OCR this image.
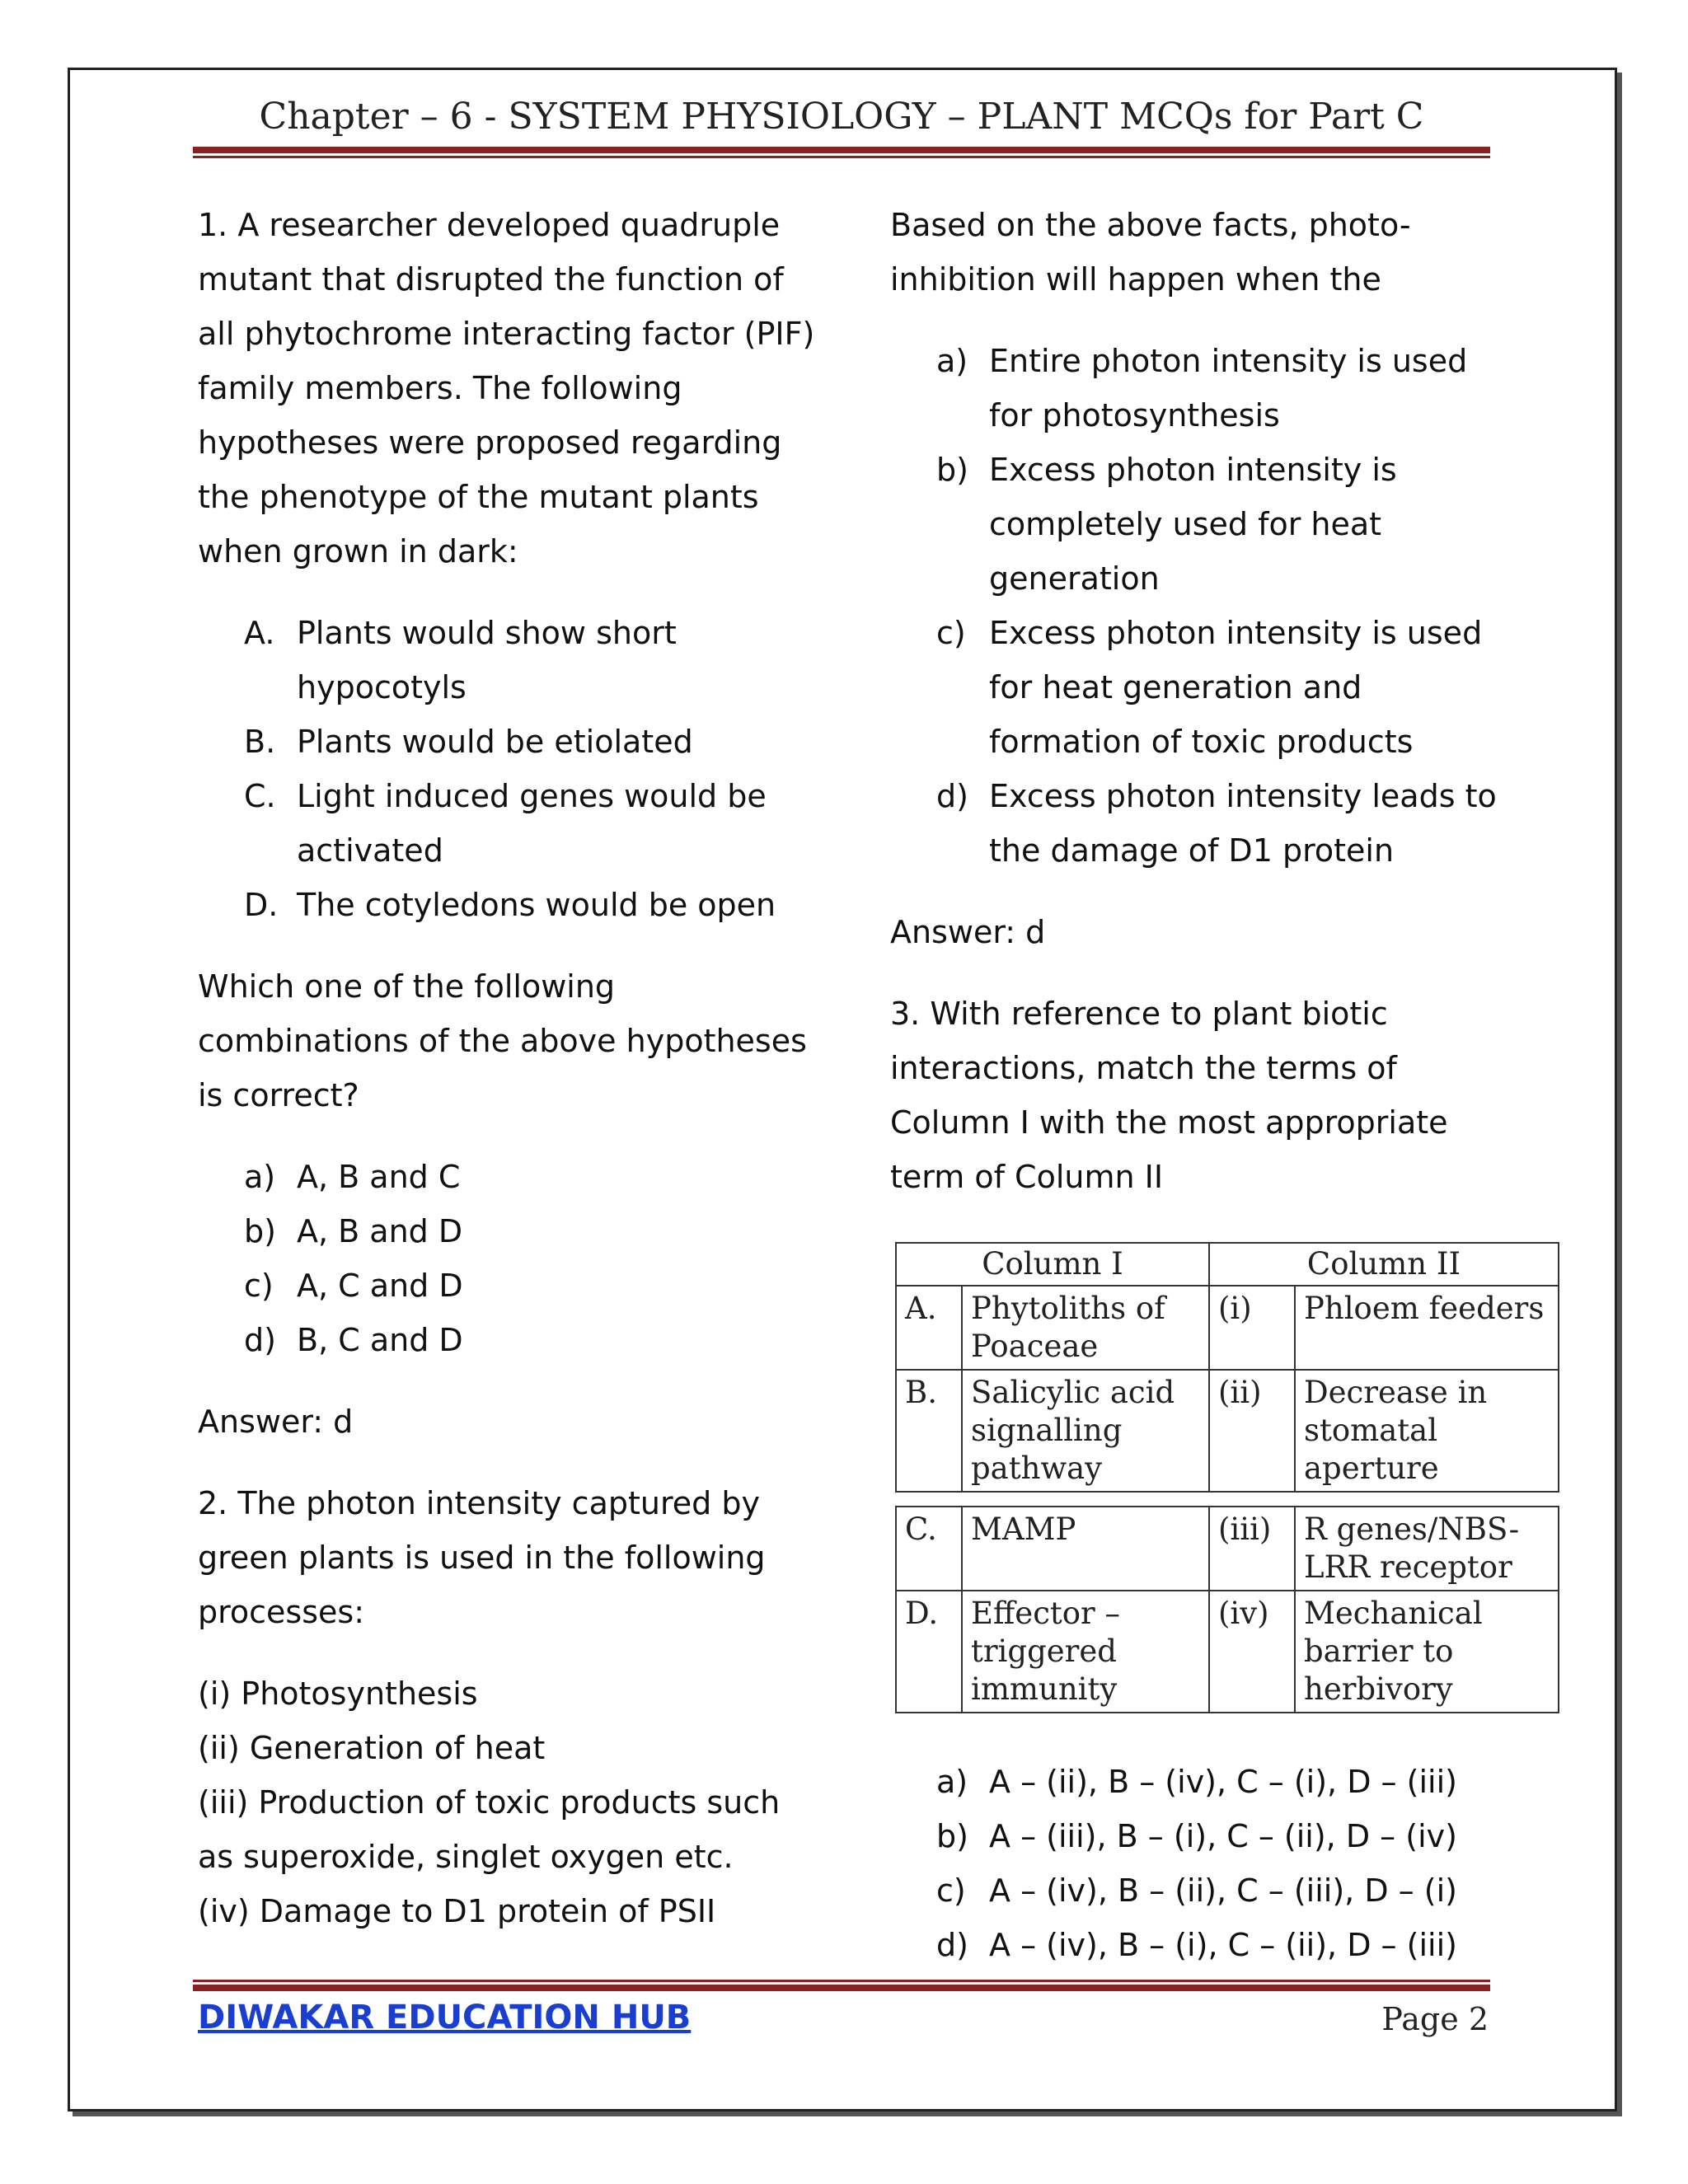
Chapter – 6 - SYSTEM PHYSIOLOGY – PLANT MCQs for Part C

1. A researcher developed quadruple mutant that disrupted the function of all phytochrome interacting factor (PIF) family members. The following hypotheses were proposed regarding the phenotype of the mutant plants when grown in dark:

A. Plants would show short hypocotyls
B. Plants would be etiolated
C. Light induced genes would be activated
D. The cotyledons would be open

Which one of the following combinations of the above hypotheses is correct?

a) A, B and C
b) A, B and D
c) A, C and D
d) B, C and D

Answer: d

2. The photon intensity captured by green plants is used in the following processes:

(i) Photosynthesis

(ii) Generation of heat

(iii) Production of toxic products such as superoxide, singlet oxygen etc.

(iv) Damage to D1 protein of PSII

Based on the above facts, photo-inhibition will happen when the

a) Entire photon intensity is used for photosynthesis
b) Excess photon intensity is completely used for heat generation
c) Excess photon intensity is used for heat generation and formation of toxic products
d) Excess photon intensity leads to the damage of D1 protein

Answer: d

3. With reference to plant biotic interactions, match the terms of Column I with the most appropriate term of Column II

Column I		Column II	
A.	Phytoliths of Poaceae	(i)	Phloem feeders
B.	Salicylic acid signalling pathway	(ii)	Decrease in stomatal aperture
C.	MAMP	(iii)	R genes/NBS-LRR receptor
D.	Effector – triggered immunity	(iv)	Mechanical barrier to herbivory
a) A – (ii), B – (iv), C – (i), D – (iii)
b) A – (iii), B – (i), C – (ii), D – (iv)
c) A – (iv), B – (ii), C – (iii), D – (i)
d) A – (iv), B – (i), C – (ii), D – (iii)
DIWAKAR EDUCATION HUB	Page 2
